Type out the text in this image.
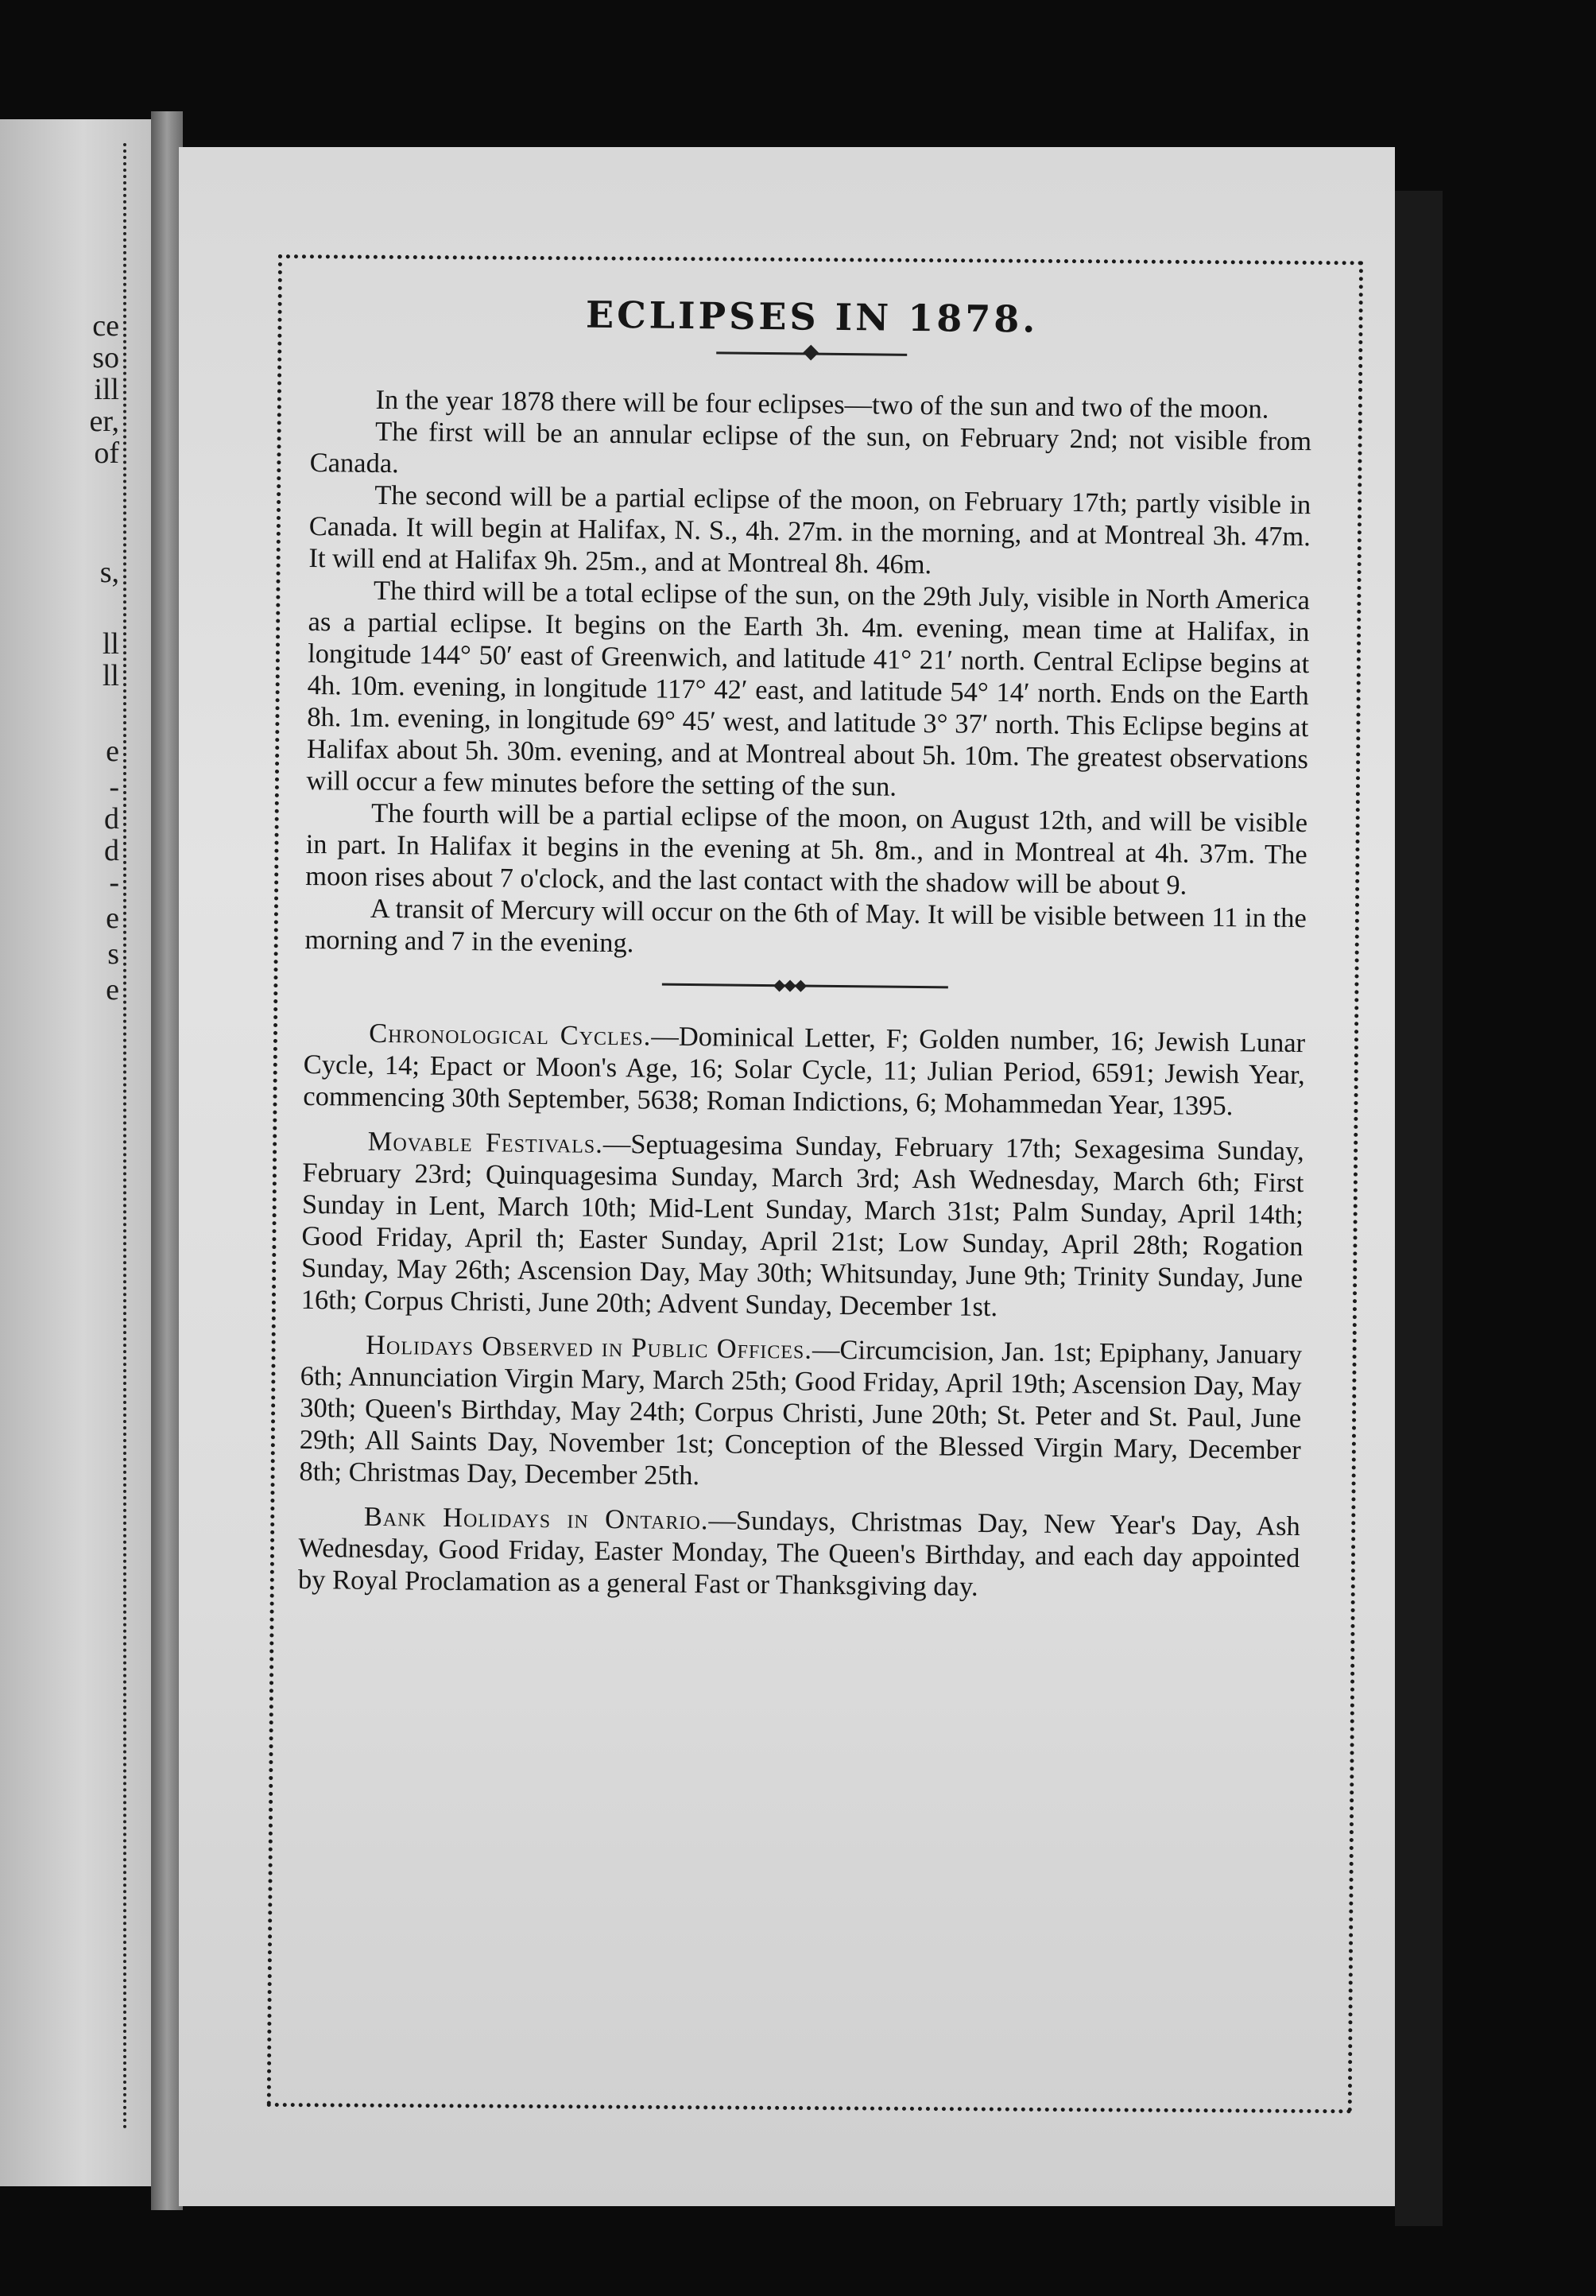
ce
so
ill
er,
of
s,
ll
ll
e
-
d
d
-
e
s
e
ECLIPSES IN 1878.

In the year 1878 there will be four eclipses—two of the sun and two of the moon.

The first will be an annular eclipse of the sun, on February 2nd; not visible from Canada.

The second will be a partial eclipse of the moon, on February 17th; partly visible in Canada. It will begin at Halifax, N. S., 4h. 27m. in the morning, and at Montreal 3h. 47m. It will end at Halifax 9h. 25m., and at Montreal 8h. 46m.

The third will be a total eclipse of the sun, on the 29th July, visible in North America as a partial eclipse. It begins on the Earth 3h. 4m. evening, mean time at Halifax, in longitude 144° 50′ east of Greenwich, and latitude 41° 21′ north. Central Eclipse begins at 4h. 10m. evening, in longitude 117° 42′ east, and latitude 54° 14′ north. Ends on the Earth 8h. 1m. evening, in longitude 69° 45′ west, and latitude 3° 37′ north. This Eclipse begins at Halifax about 5h. 30m. evening, and at Montreal about 5h. 10m. The greatest observations will occur a few minutes before the setting of the sun.

The fourth will be a partial eclipse of the moon, on August 12th, and will be visible in part. In Halifax it begins in the evening at 5h. 8m., and in Montreal at 4h. 37m. The moon rises about 7 o'clock, and the last contact with the shadow will be about 9.

A transit of Mercury will occur on the 6th of May. It will be visible between 11 in the morning and 7 in the evening.

◆◆◆

Chronological Cycles.—Dominical Letter, F; Golden number, 16; Jewish Lunar Cycle, 14; Epact or Moon's Age, 16; Solar Cycle, 11; Julian Period, 6591; Jewish Year, commencing 30th September, 5638; Roman Indictions, 6; Mohammedan Year, 1395.

Movable Festivals.—Septuagesima Sunday, February 17th; Sexagesima Sunday, February 23rd; Quinquagesima Sunday, March 3rd; Ash Wednesday, March 6th; First Sunday in Lent, March 10th; Mid-Lent Sunday, March 31st; Palm Sunday, April 14th; Good Friday, April th; Easter Sunday, April 21st; Low Sunday, April 28th; Rogation Sunday, May 26th; Ascension Day, May 30th; Whitsunday, June 9th; Trinity Sunday, June 16th; Corpus Christi, June 20th; Advent Sunday, December 1st.

Holidays Observed in Public Offices.—Circumcision, Jan. 1st; Epiphany, January 6th; Annunciation Virgin Mary, March 25th; Good Friday, April 19th; Ascension Day, May 30th; Queen's Birthday, May 24th; Corpus Christi, June 20th; St. Peter and St. Paul, June 29th; All Saints Day, November 1st; Conception of the Blessed Virgin Mary, December 8th; Christmas Day, December 25th.

Bank Holidays in Ontario.—Sundays, Christmas Day, New Year's Day, Ash Wednesday, Good Friday, Easter Monday, The Queen's Birthday, and each day appointed by Royal Proclamation as a general Fast or Thanksgiving day.
